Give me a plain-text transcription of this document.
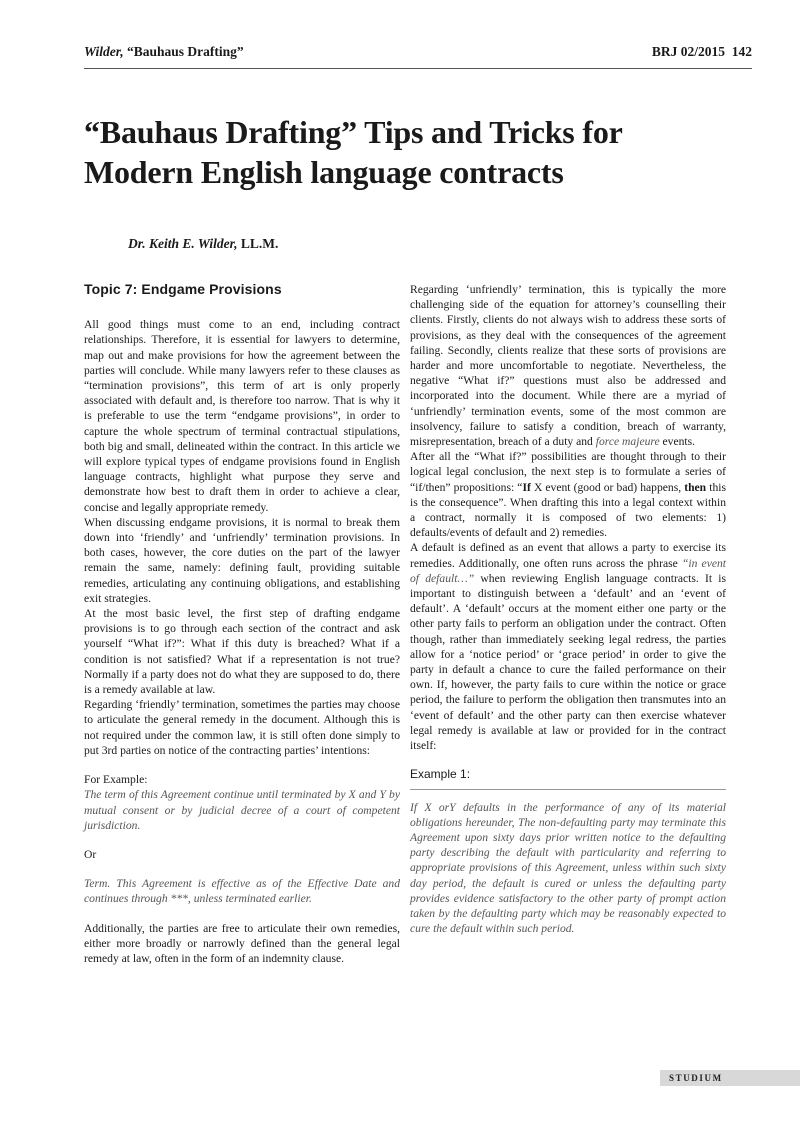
Wilder, “Bauhaus Drafting”	BRJ 02/2015 142
“Bauhaus Drafting” Tips and Tricks for
Modern English language contracts
Dr. Keith E. Wilder, LL.M.

Topic 7: Endgame Provisions

All good things must come to an end, including contract relationships. Therefore, it is essential for lawyers to determine, map out and make provisions for how the agreement between the parties will conclude. While many lawyers refer to these clauses as “termination provisions”, this term of art is only properly associated with default and, is therefore too narrow. That is why it is preferable to use the term “endgame provisions”, in order to capture the whole spectrum of terminal contractual stipulations, both big and small, delineated within the contract. In this article we will explore typical types of endgame provisions found in English language contracts, highlight what purpose they serve and demonstrate how best to draft them in order to achieve a clear, concise and legally appropriate remedy.

When discussing endgame provisions, it is normal to break them down into ‘friendly’ and ‘unfriendly’ termination provisions. In both cases, however, the core duties on the part of the lawyer remain the same, namely: defining fault, providing suitable remedies, articulating any continuing obligations, and establishing exit strategies.

At the most basic level, the first step of drafting endgame provisions is to go through each section of the contract and ask yourself “What if?”: What if this duty is breached? What if a condition is not satisfied? What if a representation is not true? Normally if a party does not do what they are supposed to do, there is a remedy available at law.

Regarding ‘friendly’ termination, sometimes the parties may choose to articulate the general remedy in the document. Although this is not required under the common law, it is still often done simply to put 3rd parties on notice of the contracting parties’ intentions:

For Example:

The term of this Agreement continue until terminated by X and Y by mutual consent or by judicial decree of a court of competent jurisdiction.

Or

Term. This Agreement is effective as of the Effective Date and continues through ***, unless terminated earlier.

Additionally, the parties are free to articulate their own remedies, either more broadly or narrowly defined than the general legal remedy at law, often in the form of an indemnity clause.

Regarding ‘unfriendly’ termination, this is typically the more challenging side of the equation for attorney’s counselling their clients. Firstly, clients do not always wish to address these sorts of provisions, as they deal with the consequences of the agreement failing. Secondly, clients realize that these sorts of provisions are harder and more uncomfortable to negotiate. Nevertheless, the negative “What if?” questions must also be addressed and incorporated into the document. While there are a myriad of ‘unfriendly’ termination events, some of the most common are insolvency, failure to satisfy a condition, breach of warranty, misrepresentation, breach of a duty and force majeure events.

After all the “What if?” possibilities are thought through to their logical legal conclusion, the next step is to formulate a series of “if/then” propositions: “If X event (good or bad) happens, then this is the consequence”. When drafting this into a legal context within a contract, normally it is composed of two elements: 1) defaults/events of default and 2) remedies.

A default is defined as an event that allows a party to exercise its remedies. Additionally, one often runs across the phrase “in event of default…” when reviewing English language contracts. It is important to distinguish between a ‘default’ and an ‘event of default’. A ‘default’ occurs at the moment either one party or the other party fails to perform an obligation under the contract. Often though, rather than immediately seeking legal redress, the parties allow for a ‘notice period’ or ‘grace period’ in order to give the party in default a chance to cure the failed performance on their own. If, however, the party fails to cure within the notice or grace period, the failure to perform the obligation then transmutes into an ‘event of default’ and the other party can then exercise whatever legal remedy is available at law or provided for in the contract itself:

Example 1:

If X orY defaults in the performance of any of its material obligations hereunder, The non-defaulting party may terminate this Agreement upon sixty days prior written notice to the defaulting party describing the default with particularity and referring to appropriate provisions of this Agreement, unless within such sixty day period, the default is cured or unless the defaulting party provides evidence satisfactory to the other party of prompt action taken by the defaulting party which may be reasonably expected to cure the default within such period.

STUDIUM
